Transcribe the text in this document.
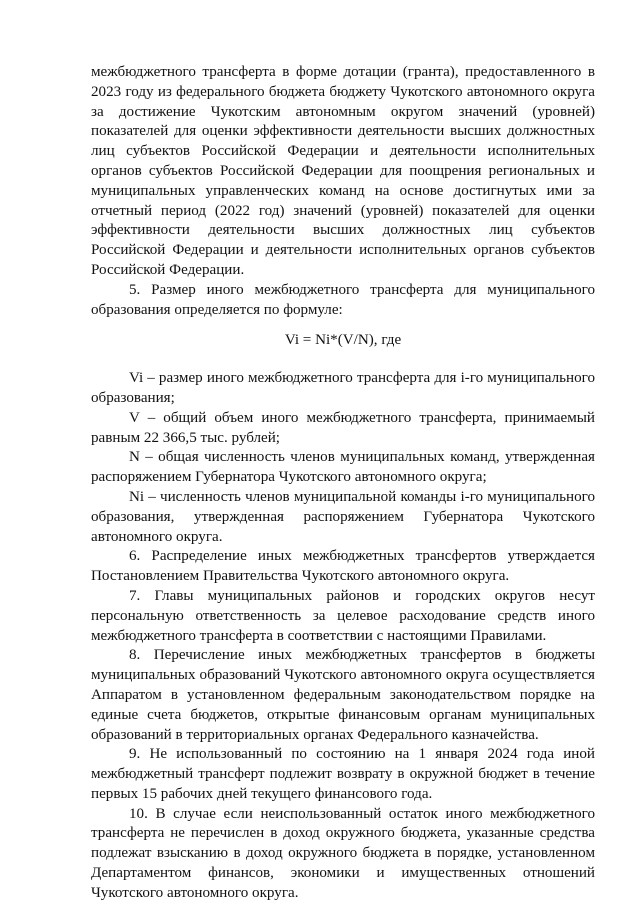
межбюджетного трансферта в форме дотации (гранта), предоставленного в 2023 году из федерального бюджета бюджету Чукотского автономного округа за достижение Чукотским автономным округом значений (уровней) показателей для оценки эффективности деятельности высших должностных лиц субъектов Российской Федерации и деятельности исполнительных органов субъектов Российской Федерации для поощрения региональных и муниципальных управленческих команд на основе достигнутых ими за отчетный период (2022 год) значений (уровней) показателей для оценки эффективности деятельности высших должностных лиц субъектов Российской Федерации и деятельности исполнительных органов субъектов Российской Федерации.

5. Размер иного межбюджетного трансферта для муниципального образования определяется по формуле:

Vi = Ni*(V/N), где

Vi – размер иного межбюджетного трансферта для i-го муниципального образования;

V – общий объем иного межбюджетного трансферта, принимаемый равным 22 366,5 тыс. рублей;

N – общая численность членов муниципальных команд, утвержденная распоряжением Губернатора Чукотского автономного округа;

Ni – численность членов муниципальной команды i-го муниципального образования, утвержденная распоряжением Губернатора Чукотского автономного округа.

6. Распределение иных межбюджетных трансфертов утверждается Постановлением Правительства Чукотского автономного округа.

7. Главы муниципальных районов и городских округов несут персональную ответственность за целевое расходование средств иного межбюджетного трансферта в соответствии с настоящими Правилами.

8. Перечисление иных межбюджетных трансфертов в бюджеты муниципальных образований Чукотского автономного округа осуществляется Аппаратом в установленном федеральным законодательством порядке на единые счета бюджетов, открытые финансовым органам муниципальных образований в территориальных органах Федерального казначейства.

9. Не использованный по состоянию на 1 января 2024 года иной межбюджетный трансферт подлежит возврату в окружной бюджет в течение первых 15 рабочих дней текущего финансового года.

10. В случае если неиспользованный остаток иного межбюджетного трансферта не перечислен в доход окружного бюджета, указанные средства подлежат взысканию в доход окружного бюджета в порядке, установленном Департаментом финансов, экономики и имущественных отношений Чукотского автономного округа.
